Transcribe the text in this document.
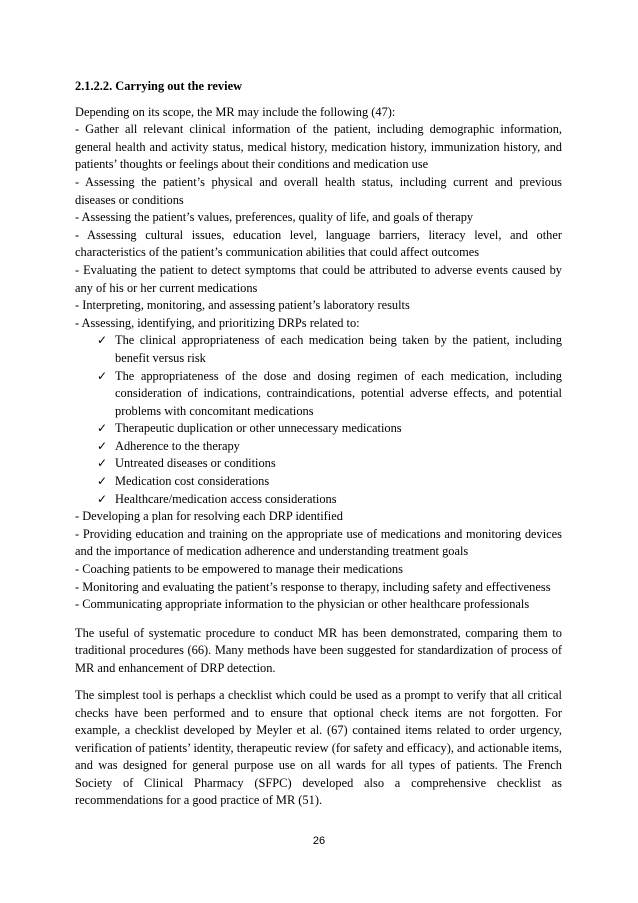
2.1.2.2. Carrying out the review

Depending on its scope, the MR may include the following (47):

- Gather all relevant clinical information of the patient, including demographic information, general health and activity status, medical history, medication history, immunization history, and patients’ thoughts or feelings about their conditions and medication use

- Assessing the patient’s physical and overall health status, including current and previous diseases or conditions

- Assessing the patient’s values, preferences, quality of life, and goals of therapy

- Assessing cultural issues, education level, language barriers, literacy level, and other characteristics of the patient’s communication abilities that could affect outcomes

- Evaluating the patient to detect symptoms that could be attributed to adverse events caused by any of his or her current medications

- Interpreting, monitoring, and assessing patient’s laboratory results

- Assessing, identifying, and prioritizing DRPs related to:

✓ The clinical appropriateness of each medication being taken by the patient, including benefit versus risk

✓ The appropriateness of the dose and dosing regimen of each medication, including consideration of indications, contraindications, potential adverse effects, and potential problems with concomitant medications

✓ Therapeutic duplication or other unnecessary medications

✓ Adherence to the therapy

✓ Untreated diseases or conditions

✓ Medication cost considerations

✓ Healthcare/medication access considerations

- Developing a plan for resolving each DRP identified

- Providing education and training on the appropriate use of medications and monitoring devices and the importance of medication adherence and understanding treatment goals

- Coaching patients to be empowered to manage their medications

- Monitoring and evaluating the patient’s response to therapy, including safety and effectiveness

- Communicating appropriate information to the physician or other healthcare professionals

The useful of systematic procedure to conduct MR has been demonstrated, comparing them to traditional procedures (66). Many methods have been suggested for standardization of process of MR and enhancement of DRP detection.

The simplest tool is perhaps a checklist which could be used as a prompt to verify that all critical checks have been performed and to ensure that optional check items are not forgotten. For example, a checklist developed by Meyler et al. (67) contained items related to order urgency, verification of patients’ identity, therapeutic review (for safety and efficacy), and actionable items, and was designed for general purpose use on all wards for all types of patients. The French Society of Clinical Pharmacy (SFPC) developed also a comprehensive checklist as recommendations for a good practice of MR (51).

26
